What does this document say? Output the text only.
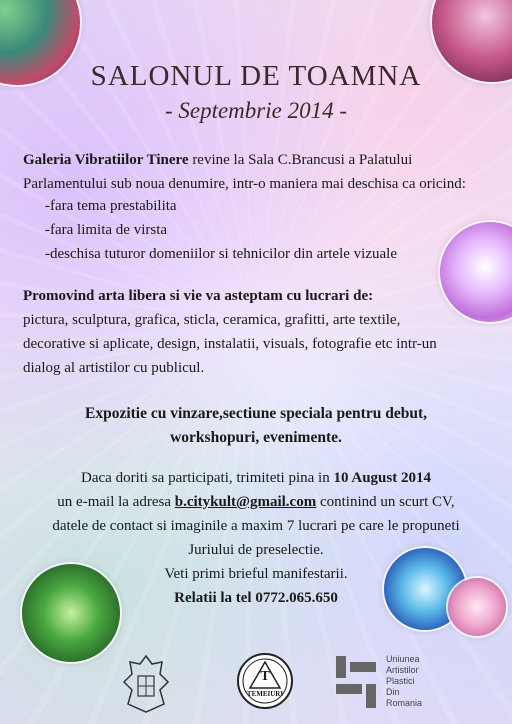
SALONUL DE TOAMNA
- Septembrie 2014 -
Galeria Vibratiilor Tinere revine la Sala C.Brancusi a Palatului
Parlamentului sub noua denumire, intr-o maniera mai deschisa ca oricind:
-fara tema prestabilita
-fara limita de virsta
-deschisa tuturor domeniilor si tehnicilor din artele vizuale
Promovind arta libera si vie va asteptam cu lucrari de:
pictura, sculptura, grafica, sticla, ceramica, grafitti, arte textile,
decorative si aplicate, design, instalatii, visuals, fotografie etc intr-un
dialog al artistilor cu publicul.
Expozitie cu vinzare,sectiune speciala pentru debut,
workshopuri, evenimente.
Daca doriti sa participati, trimiteti pina in 10 August 2014
un e-mail la adresa b.citykult@gmail.com continind un scurt CV,
datele de contact si imaginile a maxim 7 lucrari pe care le propuneti
Juriului de preselectie.
Veti primi brieful manifestarii.
Relatii la tel 0772.065.650
T
TEMEIURI
Uniunea
Artistilor
Plastici
Din
Romania
